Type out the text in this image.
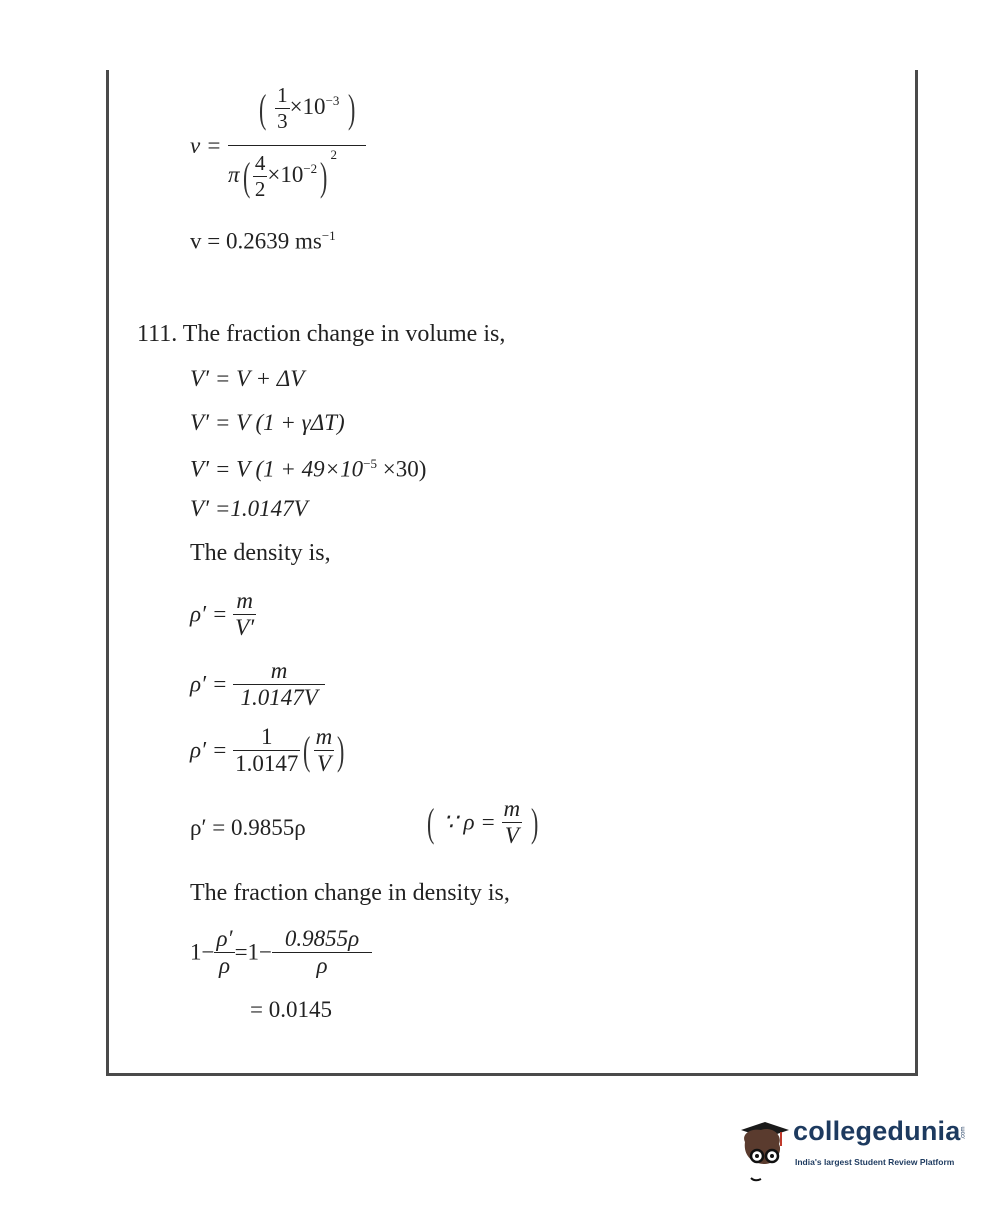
v =
( $\frac{1}{3} \times 10^{-3}$ )
$\pi( \frac{4}{2} \times 10^{-2})$ $^2$
v = 0.2639 $ms^{-1}$
111. The fraction change in volume is,
V′ = V + ΔV
V′ = V (1 + γΔT)
V′ = V $(1 + 49\times 10^{-5} \times 30)$
V′ =1.0147V
The density is,
$\rho' = \frac{m}{V'}$
$\rho' = \frac{m}{1.0147V}$
$\rho' = \frac{1}{1.0147}$ ( $\frac{m}{V}$ )
ρ′ = 0.9855ρ	( ∵ $\rho = \frac{m}{V}$ )
The fraction change in density is,
$1- \frac{\rho'}{\rho} =1- \frac{0.9855\rho}{\rho}$
= 0.0145
collegedunia .com
India's largest Student Review Platform
